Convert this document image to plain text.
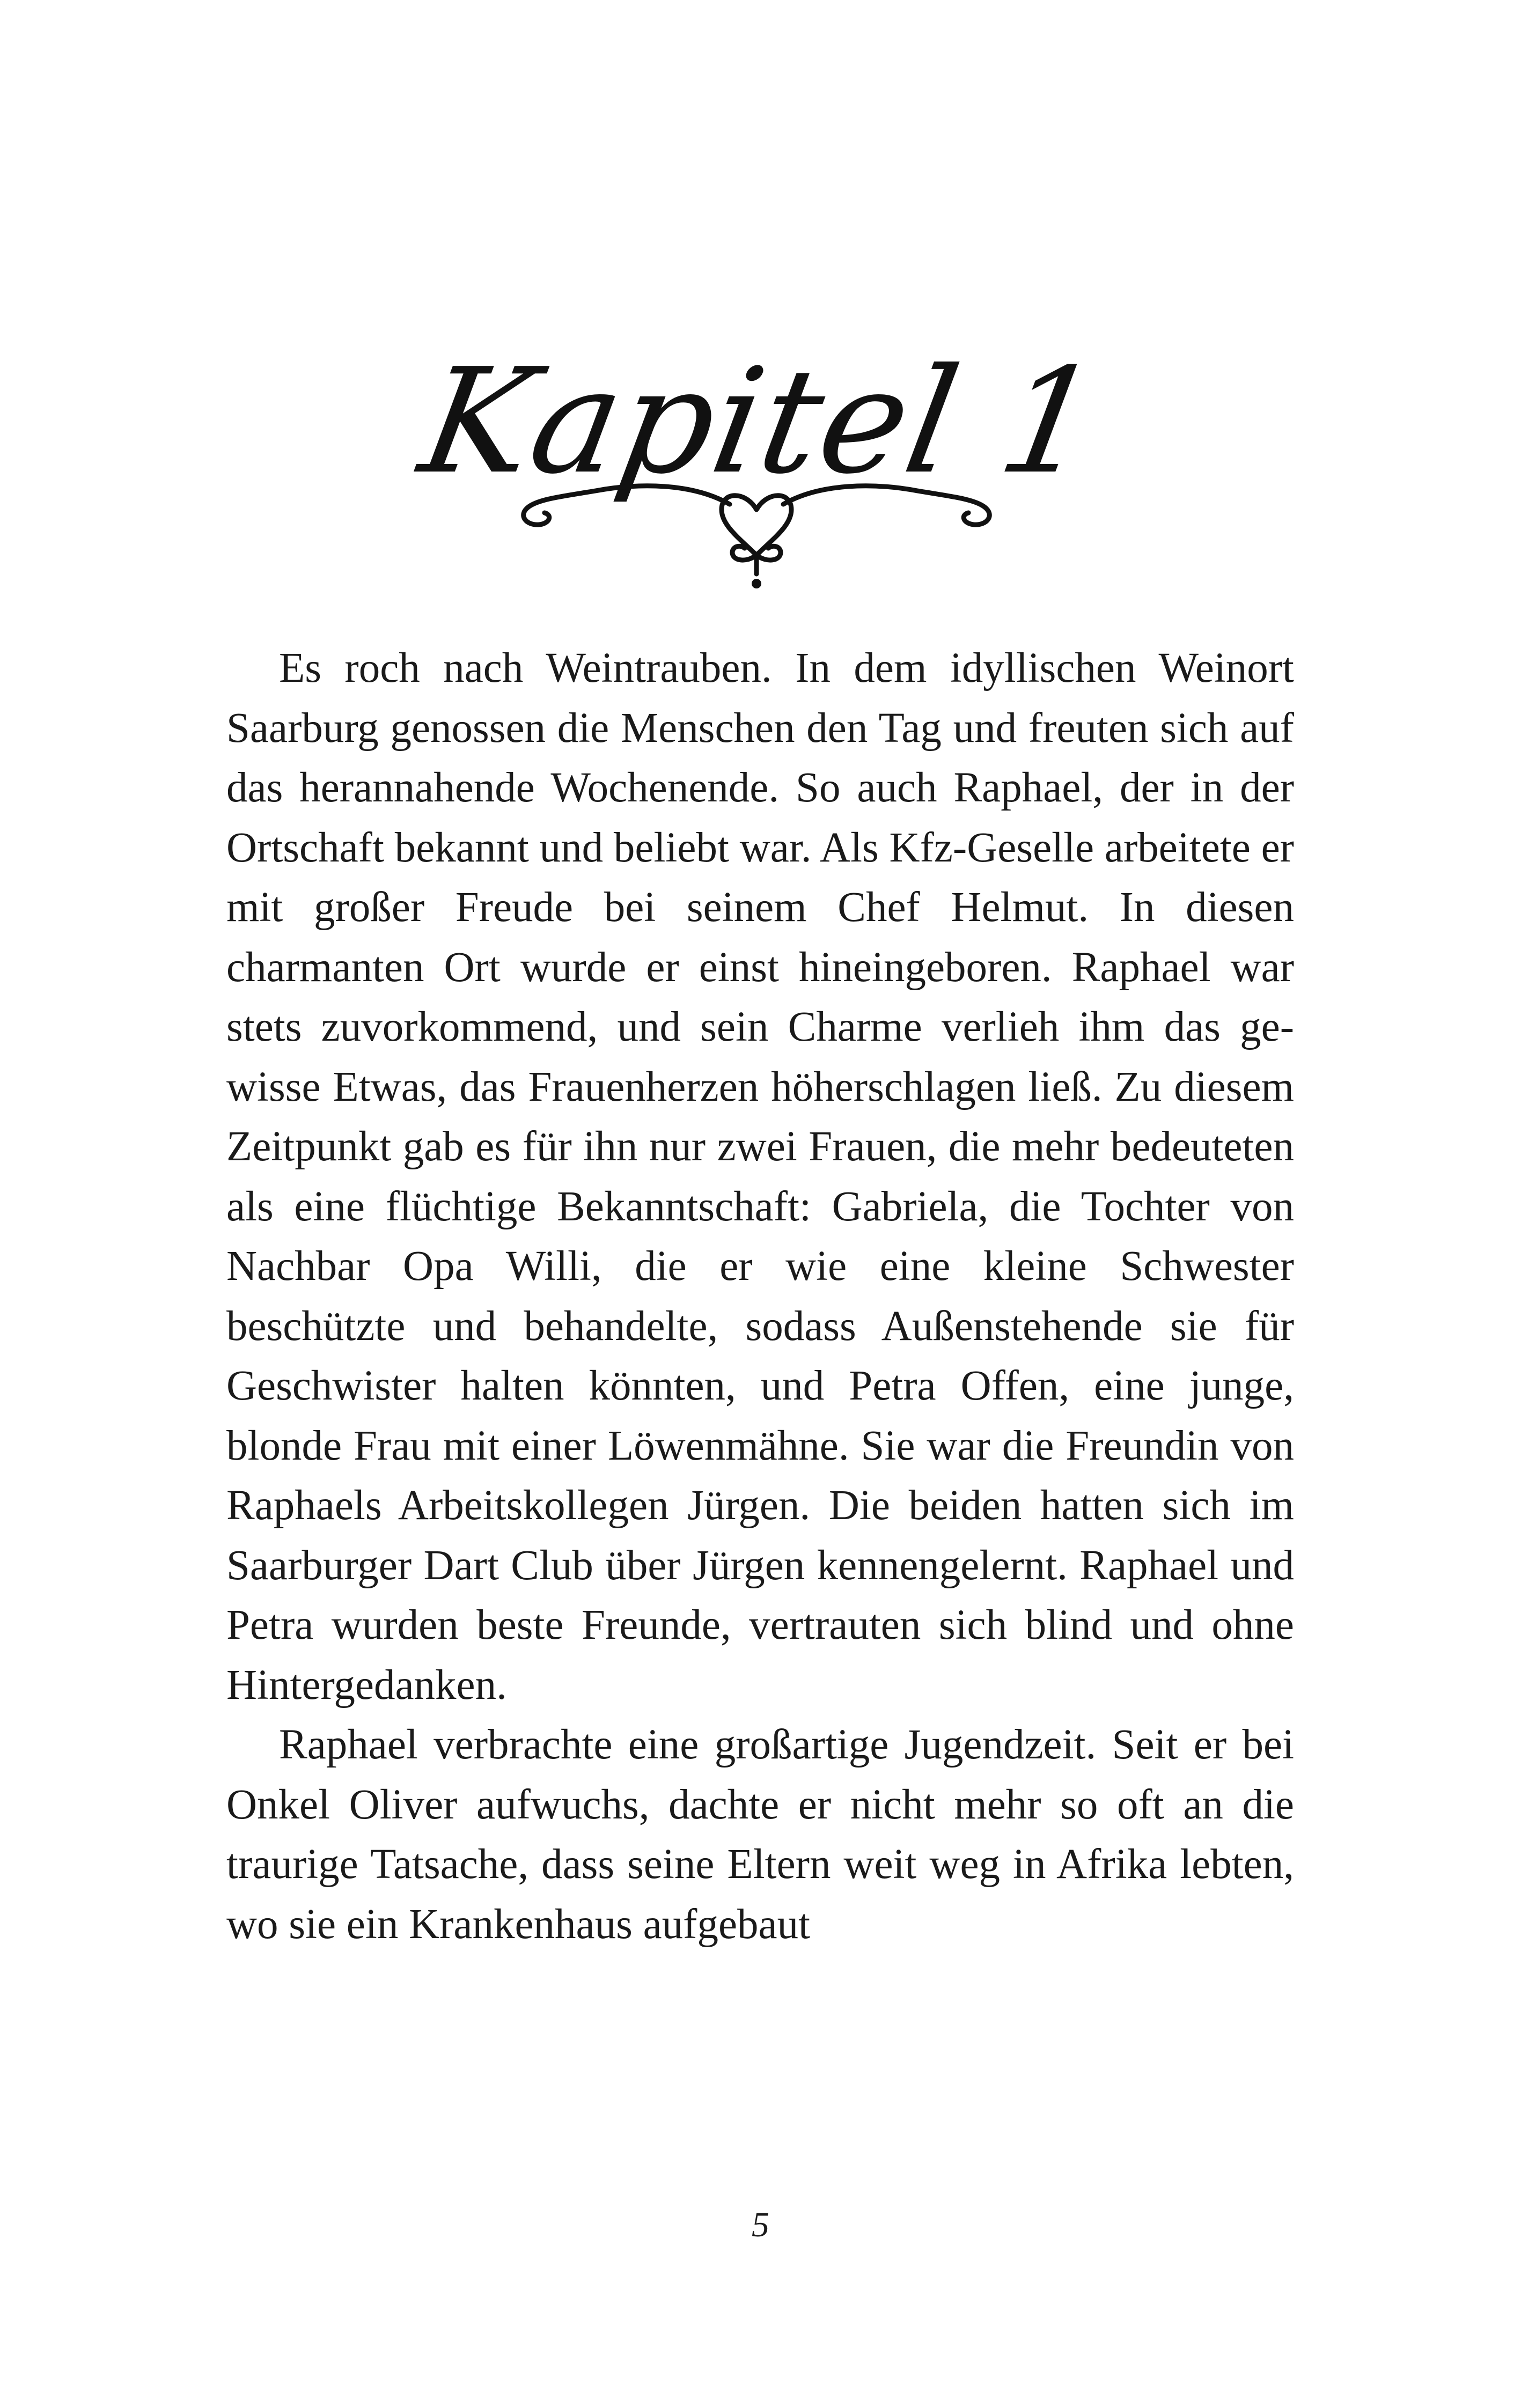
Kapitel 1

Es roch nach Weintrauben. In dem idyllischen Weinort Saarburg genossen die Menschen den Tag und freuten sich auf das herannahende Wochenende. So auch Raphael, der in der Ortschaft bekannt und beliebt war. Als Kfz-Geselle arbeitete er mit großer Freude bei seinem Chef Helmut. In diesen charmanten Ort wurde er einst hineingeboren. Raphael war stets zuvorkommend, und sein Charme verlieh ihm das gewisse Etwas, das Frauenherzen höherschlagen ließ. Zu diesem Zeitpunkt gab es für ihn nur zwei Frauen, die mehr bedeuteten als eine flüchtige Bekanntschaft: Gabriela, die Tochter von Nachbar Opa Willi, die er wie eine kleine Schwester beschützte und behandelte, sodass Außenstehende sie für Geschwister halten könnten, und Petra Offen, eine junge, blonde Frau mit einer Löwenmähne. Sie war die Freundin von Raphaels Arbeitskollegen Jürgen. Die beiden hatten sich im Saarburger Dart Club über Jürgen kennengelernt. Raphael und Petra wurden beste Freunde, vertrauten sich blind und ohne Hintergedanken.

Raphael verbrachte eine großartige Jugendzeit. Seit er bei Onkel Oliver aufwuchs, dachte er nicht mehr so oft an die traurige Tatsache, dass seine Eltern weit weg in Afrika lebten, wo sie ein Krankenhaus aufgebaut

5
